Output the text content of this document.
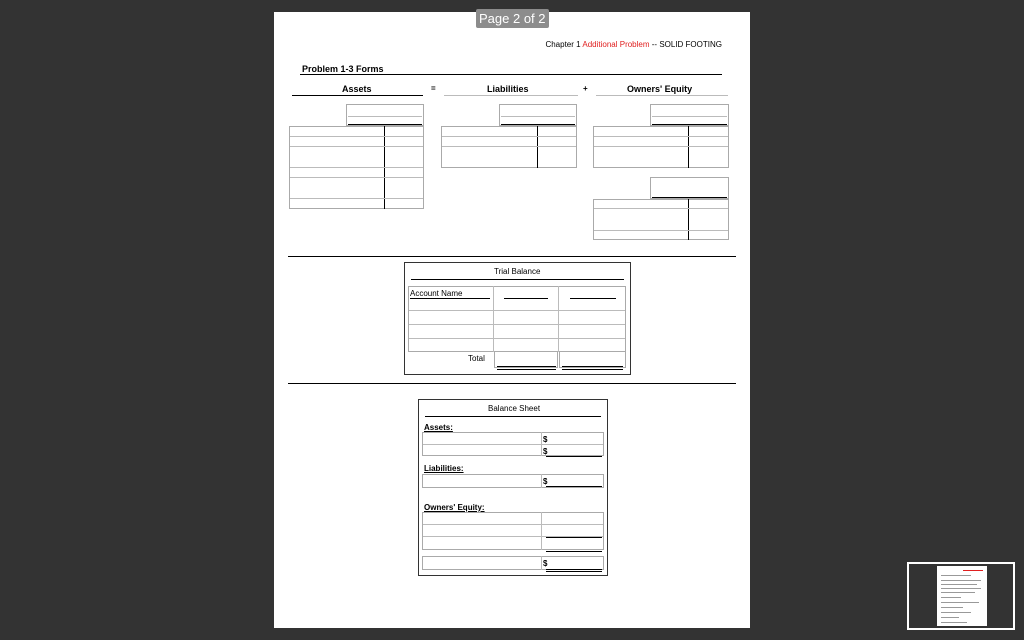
Chapter 1 Additional Problem -- SOLID FOOTING
Problem 1-3 Forms
Assets	=	Liabilities	+	Owners' Equity
Trial Balance
Account Name
Total
Balance Sheet
Assets:
$
$
Liabilities:
$
Owners' Equity:
$
Page 2 of 2
